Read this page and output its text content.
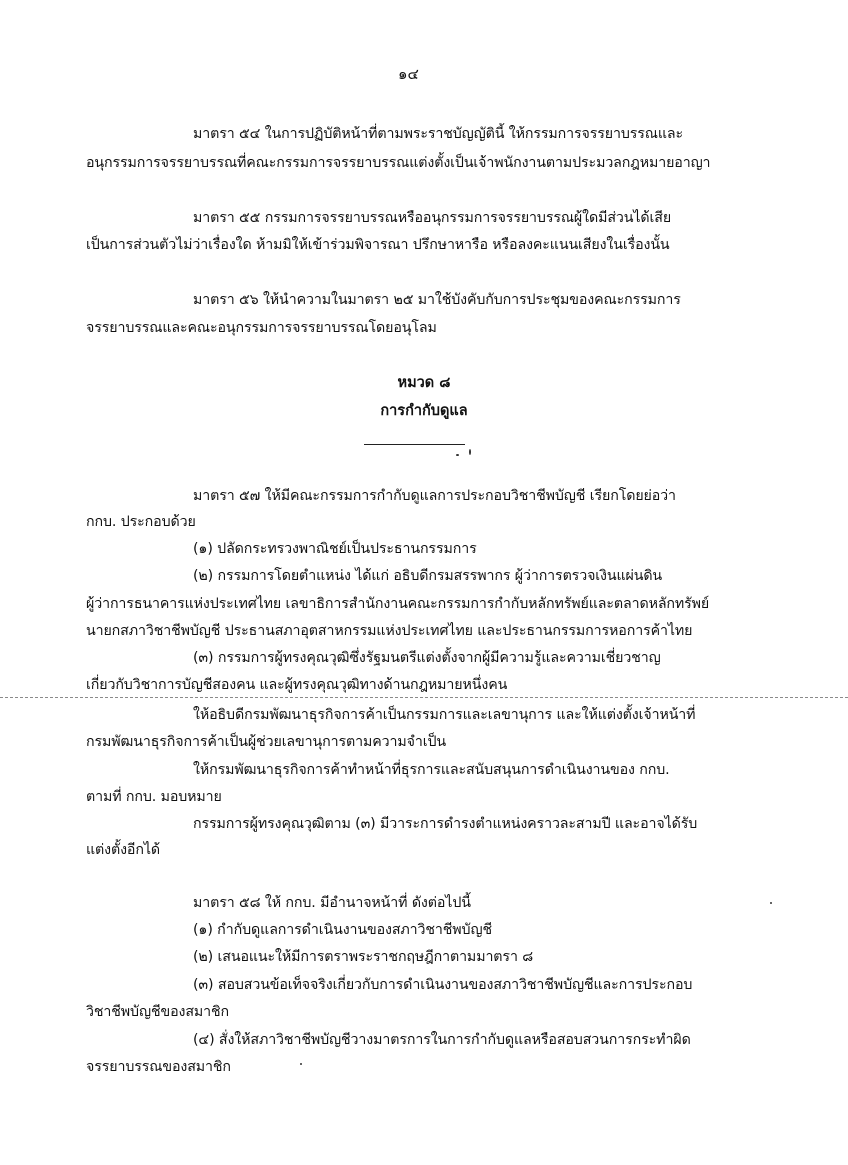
๑๔
มาตรา ๕๔ ในการปฏิบัติหน้าที่ตามพระราชบัญญัตินี้ ให้กรรมการจรรยาบรรณและ
อนุกรรมการจรรยาบรรณที่คณะกรรมการจรรยาบรรณแต่งตั้งเป็นเจ้าพนักงานตามประมวลกฎหมายอาญา
มาตรา ๕๕ กรรมการจรรยาบรรณหรืออนุกรรมการจรรยาบรรณผู้ใดมีส่วนได้เสีย
เป็นการส่วนตัวไม่ว่าเรื่องใด ห้ามมิให้เข้าร่วมพิจารณา ปรึกษาหารือ หรือลงคะแนนเสียงในเรื่องนั้น
มาตรา ๕๖ ให้นำความในมาตรา ๒๕ มาใช้บังคับกับการประชุมของคณะกรรมการ
จรรยาบรรณและคณะอนุกรรมการจรรยาบรรณโดยอนุโลม
หมวด ๘
การกำกับดูแล
มาตรา ๕๗ ให้มีคณะกรรมการกำกับดูแลการประกอบวิชาชีพบัญชี เรียกโดยย่อว่า
กกบ. ประกอบด้วย
(๑) ปลัดกระทรวงพาณิชย์เป็นประธานกรรมการ
(๒) กรรมการโดยตำแหน่ง ได้แก่ อธิบดีกรมสรรพากร ผู้ว่าการตรวจเงินแผ่นดิน
ผู้ว่าการธนาคารแห่งประเทศไทย เลขาธิการสำนักงานคณะกรรมการกำกับหลักทรัพย์และตลาดหลักทรัพย์
นายกสภาวิชาชีพบัญชี ประธานสภาอุตสาหกรรมแห่งประเทศไทย และประธานกรรมการหอการค้าไทย
(๓) กรรมการผู้ทรงคุณวุฒิซึ่งรัฐมนตรีแต่งตั้งจากผู้มีความรู้และความเชี่ยวชาญ
เกี่ยวกับวิชาการบัญชีสองคน และผู้ทรงคุณวุฒิทางด้านกฎหมายหนึ่งคน
ให้อธิบดีกรมพัฒนาธุรกิจการค้าเป็นกรรมการและเลขานุการ และให้แต่งตั้งเจ้าหน้าที่
กรมพัฒนาธุรกิจการค้าเป็นผู้ช่วยเลขานุการตามความจำเป็น
ให้กรมพัฒนาธุรกิจการค้าทำหน้าที่ธุรการและสนับสนุนการดำเนินงานของ กกบ.
ตามที่ กกบ. มอบหมาย
กรรมการผู้ทรงคุณวุฒิตาม (๓) มีวาระการดำรงตำแหน่งคราวละสามปี และอาจได้รับ
แต่งตั้งอีกได้
มาตรา ๕๘ ให้ กกบ. มีอำนาจหน้าที่ ดังต่อไปนี้
(๑) กำกับดูแลการดำเนินงานของสภาวิชาชีพบัญชี
(๒) เสนอแนะให้มีการตราพระราชกฤษฎีกาตามมาตรา ๘
(๓) สอบสวนข้อเท็จจริงเกี่ยวกับการดำเนินงานของสภาวิชาชีพบัญชีและการประกอบ
วิชาชีพบัญชีของสมาชิก
(๔) สั่งให้สภาวิชาชีพบัญชีวางมาตรการในการกำกับดูแลหรือสอบสวนการกระทำผิด
จรรยาบรรณของสมาชิก
